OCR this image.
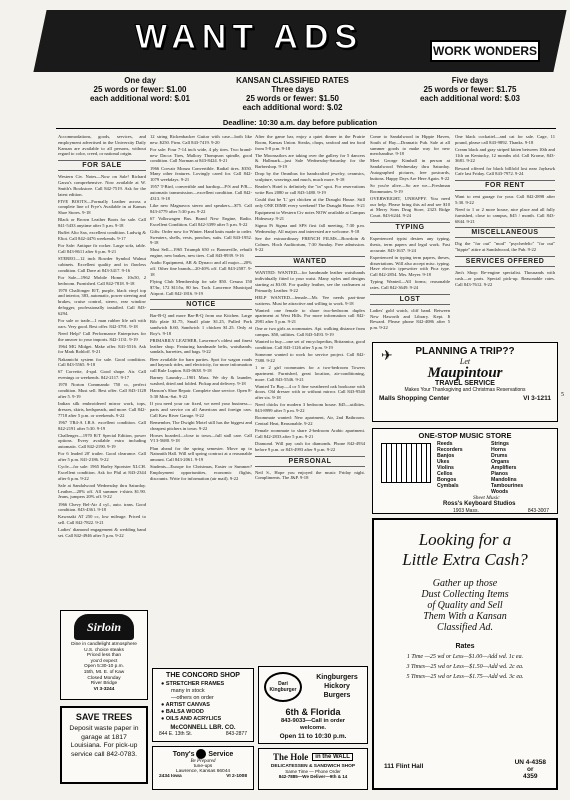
WANT ADS	WORK WONDERS
One day
25 words or fewer: $1.00
each additional word: $.01
KANSAN CLASSIFIED RATES
Three days
25 words or fewer: $1.50
each additional word: $.02
Five days
25 words or fewer: $1.75
each additional word: $.03
Deadline: 10:30 a.m. day before publication

Accommodations, goods, services, and employment advertised in the University Daily Kansan are available to all persons, without regard to color, creed, or national origin.

FOR SALE

Western Civ. Notes—Now on Sale! Richard Garza's comprehensive. Now available at W. Smith's Bookstore. Call 842-7519. Ask for the latest edition.

FIVE BOOTS—Formally Leather across a complete line of Frye's Available in at Kansas Shoe Stores. 9-18

Black or Brown Leather Boots for sale. Call 841-5433 anytime after 5 p.m. 9-18

Buffet Alto Sax, excellent condition. Ludwig & Eliot. Call 842-4476 weekends. 9-17

For Sale: Antique fir rocker. Large sofa, table. Call 843-8611 after 6 p.m. 9-21

STEREO—12 inch Rowder Symbol Walnut cabinets. Excellent quality and in flawless condition. Call Dave at 843-3417. 9-16

For Sale—1962 Mobile Home. 10x50, 2 bedroom. Furnished. Call 842-7818. 9-18

1970 Chalfonger R/T, purple, black vinyl top and interior, 383, automatic, power steering and brakes, cruise control, stereo, rear window defogger, professionally installed. Call 843-6294.

For sale or trade—1 man rubber life raft with oars. Very good. Best offer. 842-3791. 9-18

Need Help? Call Performance Enterprises for the answer to your imports. 842-1131. 9-19

1964 MG Midget. Make offer. 841-5516. Ask for Mark Rohloff. 9-21

Nakamichi system for sale. Good condition. Call 843-5565. 9-18

67 Corvette, 4-spd. Good shape. Air. Call evenings or weekends. 842-2117. 9-17

1970 Norton Commando 750 cc, perfect condition. Must sell. Best offer. Call 843-1128 after 5. 9-19

Indian silk embroidered mirror work, tops, dresses, skirts, bedspreads, and more. Call 842-7718 after 5 p.m. or weekends. 9-22

1967 TR4-A I.R.S. excellent condition. Call 842-2191 after 5:30. 9-19

Challenger—1970 R/T Special Edition, power options. Every available extra including automatic. Call 842-2190. 9-19

For 6 leaded 20' trailer. Good clearance. Call after 5 p.m. 841-2186. 9-22

Cycle—for sale: 1965 Harley Sportster XLCH. Excellent condition. Ask for Phil at 843-2344 after 6 p.m. 9-22

Sale at Sandalwood Wednesday thru Saturday. Leather—20% off. All summer t-shirts $1.90. Jeans, jumpers 20% off. 9-22

1966 Chevy Bel-Air 4 cyl., auto. trans. Good condition. 843-4361. 9-18

Kawasaki AT 250 cc, low mileage. Priced to sell. Call 842-7822. 9-21

Ladies' diamond engagement & wedding band set. Call 842-4946 after 5 p.m. 9-22

12 string Rickenbacker Guitar with case—both like new. $250. Firm. Call 843-7419. 9-20

For sale: Four 7-14 inch wide, 4 ply tires. Two brand-new Dacca Tires, Mallory Thompson spindle, good condition. Call Norman at 843-8424. 9-21

1966 Corvair Monza Convertible. Radial tires. $350. Many other features. Lovingly cared for. Call 842-1079 weekdays. 9-21

1957 T-Bird, convertible and hardtop—P/S and P/B—automatic transmission—excellent condition. Call 842-4313. 9-18

Like new Magnavox stereo and speakers—$75. Call 843-4779 after 5:30 p.m. 9-22

67 Volkswagen Bus. Brand New Engine, Radio. Excellent Condition. Call 842-3399 after 5 p.m. 9-22

Gifts: Order now for Winter. Hand knits made to order. Sweaters, shells, vests, ponchos, suits. Call 843-1952. 9-18

Must Sell—1965 Triumph 650 cc Bonneville, rebuilt engine, new brakes, new tires. Call 843-8939. 9-16

Audio Equipment, AR & Dynaco and all major—20% off. Other fine brands—20-40% off. Call 843-2587. 9-18

Flying Club Membership for sale $50. Cessna 150 $7/hr, 172 $11/hr, 80 hrs. Tach. Lawrence Municipal Airport. Call 842-1816. 9-19

NOTICE

Bar-B-Q and more Bar-B-Q from our Kitchen. Large Rib plate $1.75, Small plate $1.25, Pulled Pork sandwich $.60, Sandwich 1 chicken $1.25. Only at Roy's. 9-18

PRIMARILY LEATHER, Lawrence's oldest and finest leather shop. Featuring handmade belts, waistbands, sandals, barrettes, and bags. 9-22

Beer available for barn parties. Spot for wagon roads and hayrack rides, and electricity, for more information call Rule Lupton. 843-0638. 9-18

Barney Laundry—1901 Mass. We dry & launder, washed, dried and folded. Pickup and delivery. 9-18

Hanson's Shoe Repair. Complete shoe service. Open 8-5:30 Mon.-Sat. 9-22

If you need your car fixed, we need your business—parts and service on all American and foreign cars. Call Kaw River Garage. 9-22

Remember, The Dwight Motel still has the biggest and cheapest pitchers in town. 9-22

Horses boarded—close to town—full stall care. Call VI 3-5680. 9-18

Plan ahead for the spring semester. Move up to Naismith Hall. Will sell spring contract at a reasonable amount. Call 843-2061. 9-19

Students—Europe for Christmas, Easter or Summer? Employment opportunities, economic flights, discounts. Write for information (air mail). 9-22

After the game bar, enjoy a quiet dinner in the Prairie Room, Kansas Union. Steaks, chops, seafood and tea food from 5-8 p.m. 9-18

The Moonsailors are taking over the gallery for 5 dancers & Hallmark—just Sale Wednesday-Saturday for the Barbershop. 9-19

Drop by the Omnibus for handcrafted jewelry, ceramics, sculpture, weavings and much, much more. 9-18

Reader's Hotel is definitely the "in" spot. For reservations write Box 2080 or call 843-1480. 9-19

Could that be 'L' get chicken at the Draught House. Still only ONE DIME every weekend! The Draught House. 9-21

Equipment to Western Civ notes NOW available at Campus Hideaway. 9-21

Sigma Pi Sigma and SPS first fall meeting, 7:30 p.m. Wednesday. All majors and interested are welcome. 9-18

See the extraordinary FRENCH FILMS—Bowdoin & Colmes. Hoch Auditorium, 7:30 Sunday. Free admission. 9-22

WANTED

WANTED: WANTED—for handmade leather waistbands individually fitted to your waist. Many styles and designs starting at $3.00. For quality leather, see the craftsmen at Primarily Leather. 9-22

HELP WANTED—female—Mr. Yee needs part-time waitress. Must be attractive and willing to work. 9-18

Wanted: one female to share two-bedroom duplex apartment at West Hills. For more information call 842-2981 after 5 p.m. 9-21

One or two girls as roommates. Apt. walking distance from campus. $50, utilities. Call 843-5493. 9-19

Wanted to buy—one set of encyclopedias, Britannica, good condition. Call 843-1126 after 5 p.m. 9-19

Someone wanted to work for service project. Call 842-7380. 9-22

1 or 2 girl roommates for a two-bedroom Towers apartment. Furnished, great location, air-conditioning, more. Call 843-5546. 9-21

Wanted To Buy—4 or 5 fine weathered oak bookcase with doors. Old dresser with or without mirror. Call 843-9540 after six. 9-18

Need chicks for modern 3 bedroom house. $45—utilities. 843-8999 after 5 p.m. 9-22

Roommate wanted: New apartment, Air, 2nd Bathroom. Central Heat, Reasonable. 9-22

Female roommate to share 2-bedroom Arabic apartment. Call 842-2833 after 5 p.m. 9-21

Diamond. Will pay cash for diamonds. Phone 842-4934 before 9 p.m. or 843-4993 after 9 p.m. 9-22

PERSONAL

Neil S., Hope you enjoyed the music Friday night. Compliments. The J&P. 9-18

Come to Sandalwood in Hippie Haven, South of Hay—Dramatic Pub. Sale at all summer goods to make way for new merchandise. 9-18

Meet George Kimball in person at Sandalwood Wednesday thru Saturday. Autographed pictures, free postcards, buttons. Happy Days Are Here Again. 9-22

So you're alive—So are we—Freshman Roommates. 9-19

OVERWEIGHT, UNHAPPY. You need our help. Please bring this ad and see $10 at Merry Sons Drug Store, 2323 Ridge Court. 843-6244. 9-24

TYPING

Experienced typist desires any typing, thesis, term papers and legal work. Fast accurate. 843-1637. 9-24

Experienced in typing term papers, theses, dissertations. Will also accept misc. typing. Have electric typewriter with Pica type. Call 842-2854. Mrs. Meyer. 9-18

Typing Wanted—All forms; reasonable rates. Call 842-3649. 9-24

LOST

Ladies' gold watch, cliff band. Between New Haworth and Library. Kept. $ Reward. Please phone 842-4086 after 5 p.m. 9-22

One black cockatiel—and cat for sale. Cage, 11 pound, please call 843-9892. Thanks. 9-18

Cream black and gray striped kitten between 10th and 11th on Kentucky, 12 months old. Call Krome, 843-3681. 9-22

Reward offered for black billfold lost near Jayhawk Cafe last Friday. Call 843-7972. 9-24

FOR RENT

Want to rent garage for your. Call 842-2898 after 5:30. 9-22

Need to 1 or 2 more house, nice place and all fully furnished, close to campus, $45 / month. Call 843-6844. 9-21

MISCELLANEOUS

Dig the "far out" "mod" "psychedelic" "far out" "hippie" attire at Sandalwood, the Pub. 9-22

SERVICES OFFERED

Jim's Shop: Re-engine specialist. Thousands with cash—or parts. Special pick-up. Reasonable rates. Call 843-7612. 9-22

PLANNING A TRIP??
✈	Let
Maupintour
TRAVEL SERVICE
Makes Your Thanksgiving and Christmas Reservations
Malls Shopping Center	VI 3-1211
ONE-STOP MUSIC STORE
Reeds
Recorders
Banjos
Ukes
Violins
Cellos
Bongos
Cymbals
Strings
Horns
Drums
Organs
Amplifiers
Pianos
Mandolins
Tambourines
Woods
Sheet Music
Ross's Keyboard Studios
1903 Mass.	843-3007
Looking for a
Little Extra Cash?
Gather up those
Dust Collecting Items
of Quality and Sell
Them With a Kansan
Classified Ad.
Rates
1 Time —25 wd or Less—$1.00—Add wd. 1c ea.
3 Times—25 wd or Less—$1.50—Add wd. 2c ea.
5 Times—25 wd or Less—$1.75—Add wd. 3c ea.
111 Flint Hall
UN 4-4358
or
4359
Sirloin
Dine in candlelight atmosphere
U.S. choice steaks
Priced less than
you'd expect
Open 5:30-10 p.m.
15th, Mt. E. of Kaw
Closed Monday
River Bridge
VI 3-3244
SAVE TREES
Deposit waste paper in garage at 1817 Louisiana. For pick-up service call 842-0783.
THE CONCORD SHOP
● STRETCHER FRAMES
many in stock
—others on order
● ARTIST CANVAS
● BALSA WOOD
● OILS AND ACRYLICS
McCONNELL LBR. CO.
844 E. 13th St.	843-2877
Dari Kingburger
Kingburgers
Hickory
Burgers
6th & Florida
843-9033—Call in order
welcome.
Open 11 to 10:30 p.m.
Tony's Service
Be Prepared
tune-ups
Lawrence, Kansas 66044
2434 Iowa	VI 2-1008
The Hole	in the WALL
DELICATESSEN & SANDWICH SHOP
Same Time — Phone Order
842-7885—We Deliver—9th & 14
5
